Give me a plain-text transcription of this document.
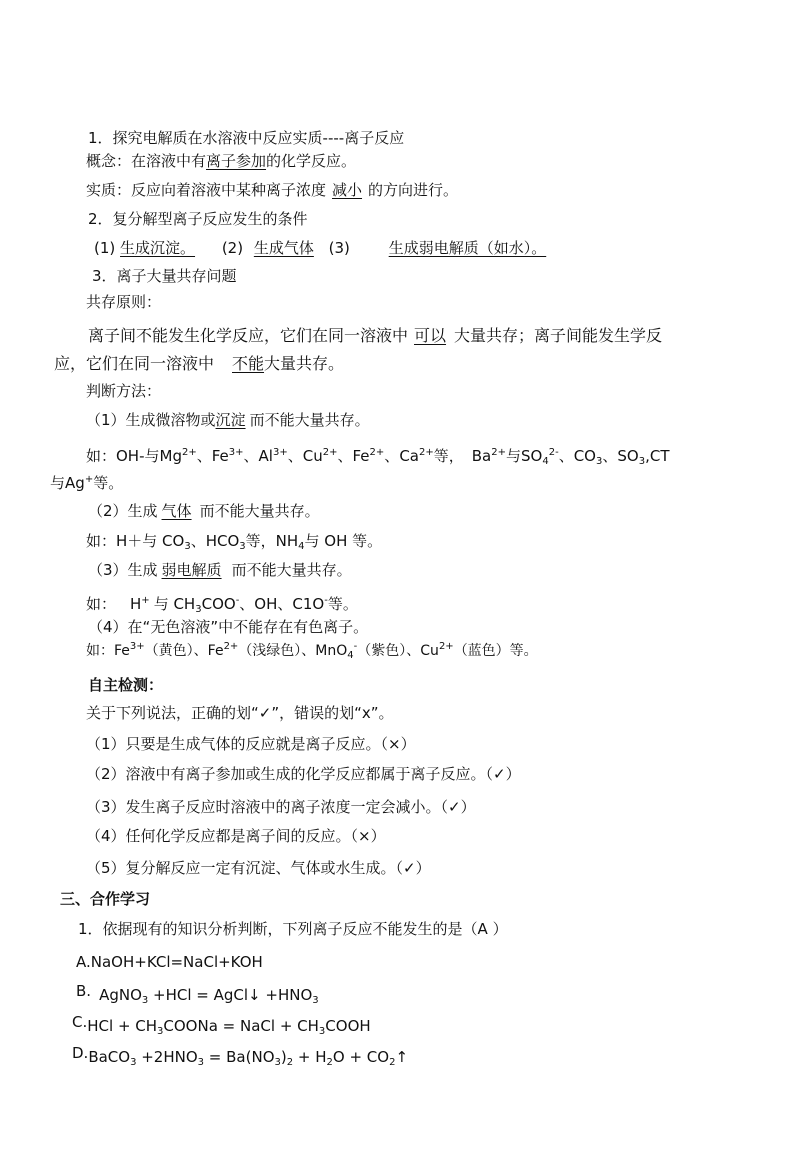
1．探究电解质在水溶液中反应实质----离子反应
概念：在溶液中有离子参加的化学反应。
实质：反应向着溶液中某种离子浓度 减小 的方向进行。
2．复分解型离子反应发生的条件
(1) 生成沉淀。 (2) 生成气体 (3)	生成弱电解质（如水）。
3．离子大量共存问题
共存原则：
离子间不能发生化学反应，它们在同一溶液中 可以 大量共存；离子间能发生学反
应，它们在同一溶液中 不能大量共存。
判断方法：
（1）生成微溶物或沉淀 而不能大量共存。
如：OH-与$Mg^{2+}$、$Fe^{3+}$、$Al^{3+}$、$Cu^{2+}$、$Fe^{2+}$、$Ca^{2+}$等， $Ba^{2+}$与$SO_4^{2-}$、$CO_3$、$SO_3,CT$
与Ag+等。
（2）生成 气体 而不能大量共存。
如：H＋与 $CO_3$、$HCO_3$等，$NH_4$与 OH 等。
（3）生成 弱电解质 而不能大量共存。
如： H+ 与 $CH_3COO^-$、OH、C1O-等。
（4）在“无色溶液”中不能存在有色离子。
如：$Fe^{3+}$（黄色）、$Fe^{2+}$（浅绿色）、MnO$_4$-（紫色）、$Cu^{2+}$（蓝色）等。
自主检测：
关于下列说法，正确的划“✓”，错误的划“x”。
（1）只要是生成气体的反应就是离子反应。（×）
（2）溶液中有离子参加或生成的化学反应都属于离子反应。（✓）
（3）发生离子反应时溶液中的离子浓度一定会减小。（✓）
（4）任何化学反应都是离子间的反应。（×）
（5）复分解反应一定有沉淀、气体或水生成。（✓）
三、合作学习
1．依据现有的知识分析判断，下列离子反应不能发生的是（A ）
A.NaOH+KCl=NaCl+KOH
B. AgNO$_3$ +HCl = AgCl↓ $+HNO_3$
$C.HCl + CH_3COONa$ = NaCl + $CH_3COOH$
D.BaCO$_3$ $+2HNO_3 = Ba(NO_3)_2 + H_2O$ + $CO_2↑$
